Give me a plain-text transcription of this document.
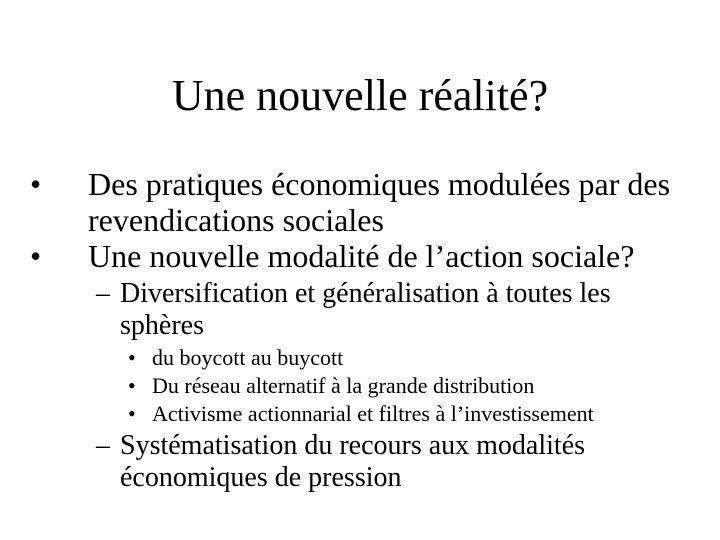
Une nouvelle réalité?
• Des pratiques économiques modulées par des revendications sociales
• Une nouvelle modalité de l’action sociale?
– Diversification et généralisation à toutes les sphères
• du boycott au buycott
• Du réseau alternatif à la grande distribution
• Activisme actionnarial et filtres à l’investissement
– Systématisation du recours aux modalités économiques de pression
